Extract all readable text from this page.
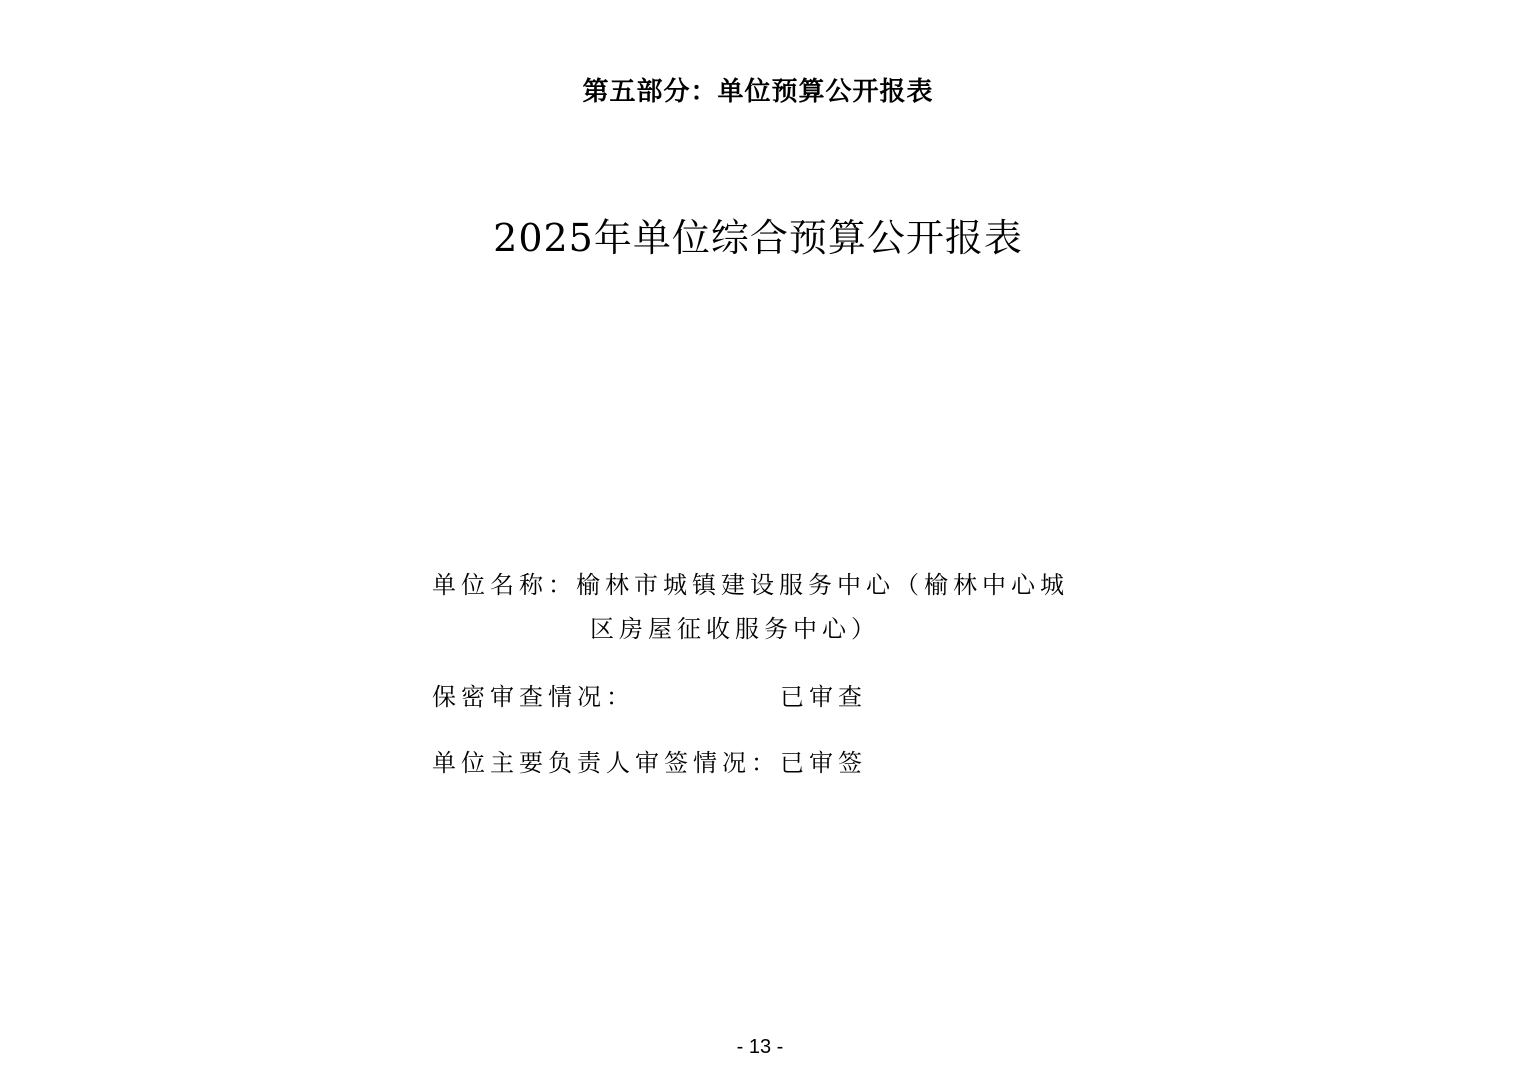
第五部分：单位预算公开报表
2025年单位综合预算公开报表
单位名称： 榆林市城镇建设服务中心（榆林中心城
区房屋征收服务中心）
保密审查情况：	已审查
单位主要负责人审签情况： 已审签
- 13 -
